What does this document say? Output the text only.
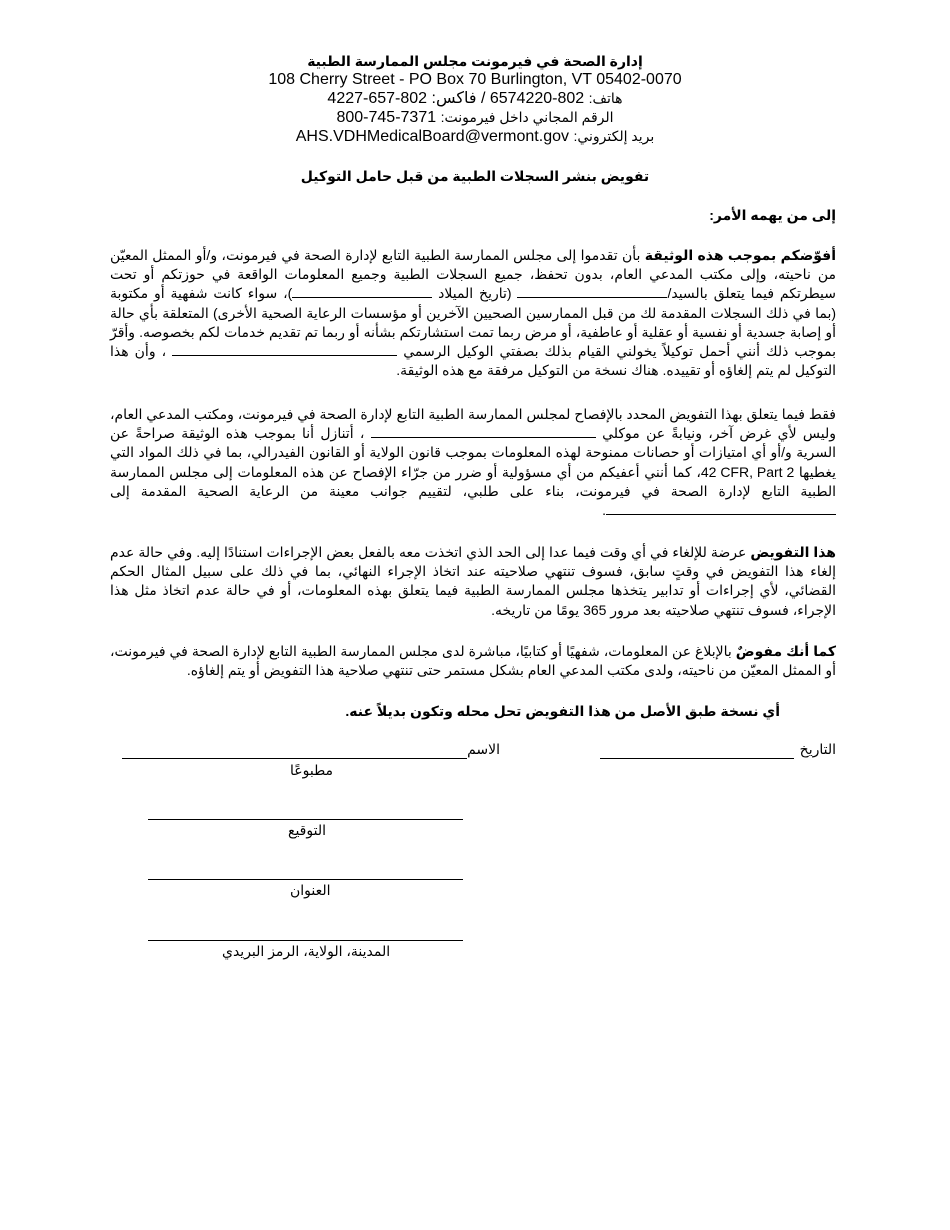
إدارة الصحة في فيرمونت مجلس الممارسة الطبية
108 Cherry Street - PO Box 70 Burlington, VT 05402-0070
هاتف: 802-6574220 / فاكس: 802-657-4227
الرقم المجاني داخل فيرمونت: 800-745-7371
بريد إلكتروني: AHS.VDHMedicalBoard@vermont.gov
تفويض بنشر السجلات الطبية من قبل حامل التوكيل
إلى من يهمه الأمر:
أفوّضكم بموجب هذه الوثيقة بأن تقدموا إلى مجلس الممارسة الطبية التابع لإدارة الصحة في فيرمونت، و/أو الممثل المعيّن من ناحيته، وإلى مكتب المدعي العام، بدون تحفظ، جميع السجلات الطبية وجميع المعلومات الواقعة في حوزتكم أو تحت سيطرتكم فيما يتعلق بالسيد/ (تاريخ الميلاد )، سواء كانت شفهية أو مكتوبة (بما في ذلك السجلات المقدمة لك من قبل الممارسين الصحيين الآخرين أو مؤسسات الرعاية الصحية الأخرى) المتعلقة بأي حالة أو إصابة جسدية أو نفسية أو عقلية أو عاطفية، أو مرض ربما تمت استشارتكم بشأنه أو ربما تم تقديم خدمات لكم بخصوصه. وأقرّ بموجب ذلك أنني أحمل توكيلاً يخولني القيام بذلك بصفتي الوكيل الرسمي  ، وأن هذا التوكيل لم يتم إلغاؤه أو تقييده. هناك نسخة من التوكيل مرفقة مع هذه الوثيقة.
فقط فيما يتعلق بهذا التفويض المحدد بالإفصاح لمجلس الممارسة الطبية التابع لإدارة الصحة في فيرمونت، ومكتب المدعي العام، وليس لأي غرض آخر، ونيابةً عن موكلي  ، أتنازل أنا بموجب هذه الوثيقة صراحةً عن السرية و/أو أي امتيازات أو حصانات ممنوحة لهذه المعلومات بموجب قانون الولاية أو القانون الفيدرالي، بما في ذلك المواد التي يغطيها 42 CFR, Part 2، كما أنني أعفيكم من أي مسؤولية أو ضرر من جرّاء الإفصاح عن هذه المعلومات إلى مجلس الممارسة الطبية التابع لإدارة الصحة في فيرمونت، بناء على طلبي، لتقييم جوانب معينة من الرعاية الصحية المقدمة إلى .
هذا التفويض عرضة للإلغاء في أي وقت فيما عدا إلى الحد الذي اتخذت معه بالفعل بعض الإجراءات استنادًا إليه. وفي حالة عدم إلغاء هذا التفويض في وقتٍ سابق، فسوف تنتهي صلاحيته عند اتخاذ الإجراء النهائي، بما في ذلك على سبيل المثال الحكم القضائي، لأي إجراءات أو تدابير يتخذها مجلس الممارسة الطبية فيما يتعلق بهذه المعلومات، أو في حالة عدم اتخاذ مثل هذا الإجراء، فسوف تنتهي صلاحيته بعد مرور 365 يومًا من تاريخه.
كما أنك مفوضٌ بالإبلاغ عن المعلومات، شفهيًا أو كتابيًا، مباشرة لدى مجلس الممارسة الطبية التابع لإدارة الصحة في فيرمونت، أو الممثل المعيّن من ناحيته، ولدى مكتب المدعي العام بشكل مستمر حتى تنتهي صلاحية هذا التفويض أو يتم إلغاؤه.
أي نسخة طبق الأصل من هذا التفويض تحل محله وتكون بديلاً عنه.
التاريخ
الاسم
مطبوعًا
التوقيع
العنوان
المدينة، الولاية، الرمز البريدي
